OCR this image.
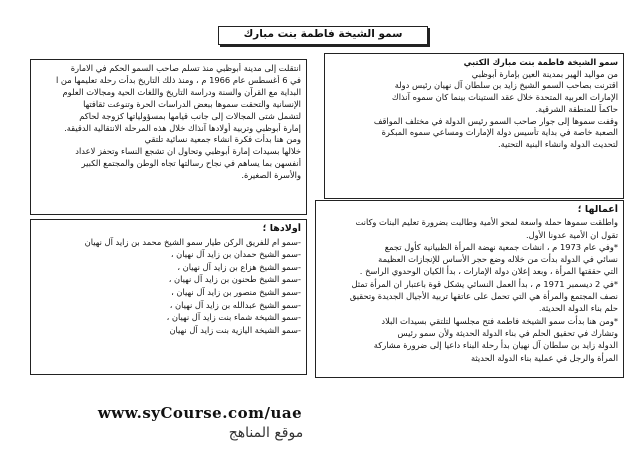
سمو الشيخة فاطمة بنت مبارك
سمو الشيخة فاطمة بنت مبارك الكتبي
من مواليد الهير بمدينة العين بإمارة أبوظبي
اقترنت بصاحب السمو الشيخ زايد بن سلطان آل نهيان رئيس دولة
الإمارات العربية المتحدة خلال عقد الستينات بينما كان سموه آنذاك
حاكماً للمنطقة الشرقية.
وقفت سموها إلى جوار صاحب السمو رئيس الدولة في مختلف المواقف
الصعبة خاصة في بداية تأسيس دولة الإمارات ومساعي سموه المبكرة
لتحديث الدولة وانشاء البنية التحتية.
انتقلت إلى مدينة أبوظبي منذ تسلم صاحب السمو الحكم في الامارة
في 6 أغسطس عام 1966 م ، ومنذ ذلك التاريخ بدأت رحلة تعليمها من ا
البداية مع القرآن والسنة ودراسة التاريخ واللغات الحية ومجالات العلوم
الإنسانية والتحقت سموها ببعض الدراسات الحرة وتنوعت ثقافتها
لتشمل شتى المجالات إلى جانب قيامها بمسؤولياتها كزوجة لحاكم
إمارة أبوظبي وتربية أولادها آنذاك خلال هذه المرحلة الانتقالية الدقيقة.
ومن هنا بدأت فكرة انشاء جمعية نسائية تلتقي
خلالها بسيدات إمارة أبوظبي وتحاول ان تشجع النساء وتحفز لاعداد
أنفسهن بما يساهم في نجاح رسالتها تجاه الوطن والمجتمع الكبير
والأسرة الصغيرة.
أعمالها ؛
واطلقت سموها حملة واسعة لمحو الأمية وطالبت بضرورة تعليم البنات وكانت
تقول ان الأمية عدونا الأول.
*وفي عام 1973 م ، انشات جمعية نهضة المرأة الظبيانية كأول تجمع
نسائي في الدولة بدأت من خلاله وضع حجر الأساس للإنجازات العظيمة
التي حققتها المرأة ، وبعد إعلان دولة الإمارات ، بدأ الكيان الوحدوي الراسخ .
*في 2 ديسمبر 1971 م ، بدأ العمل النسائي يشكل قوة باعتبار ان المرأة تمثل
نصف المجتمع والمرأة هي التي تحمل على عاتقها تربية الأجيال الجديدة وتحقيق
حلم بناء الدولة الحديثة.
*ومن هنا بدأت سمو الشيخة فاطمة فتح مجلسها لتلتقي بسيدات البلاد
وتشارك في تحقيق الحلم في بناء الدولة الحديثة ولأن سمو رئيس
الدولة زايد بن سلطان آل نهيان بدأ رحلة البناء داعيا إلى ضرورة مشاركة
المرأة والرجل في عملية بناء الدولة الحديثة
أولادها ؛
-سمو ام للفريق الركن طيار سمو الشيخ محمد بن زايد آل نهيان
-سمو الشيخ حمدان بن زايد آل نهيان ،
-سمو الشيخ هزاع بن زايد آل نهيان ،
-سمو الشيخ طحنون بن زايد آل نهيان ،
-سمو الشيخ منصور بن زايد آل نهيان ،
-سمو الشيخ عبدالله بن زايد آل نهيان ،
-سمو الشيخة شماء بنت زايد آل نهيان ،
-سمو الشيخة اليازية بنت زايد آل نهيان
www.syCourse.com/uae
موقع المناهج
